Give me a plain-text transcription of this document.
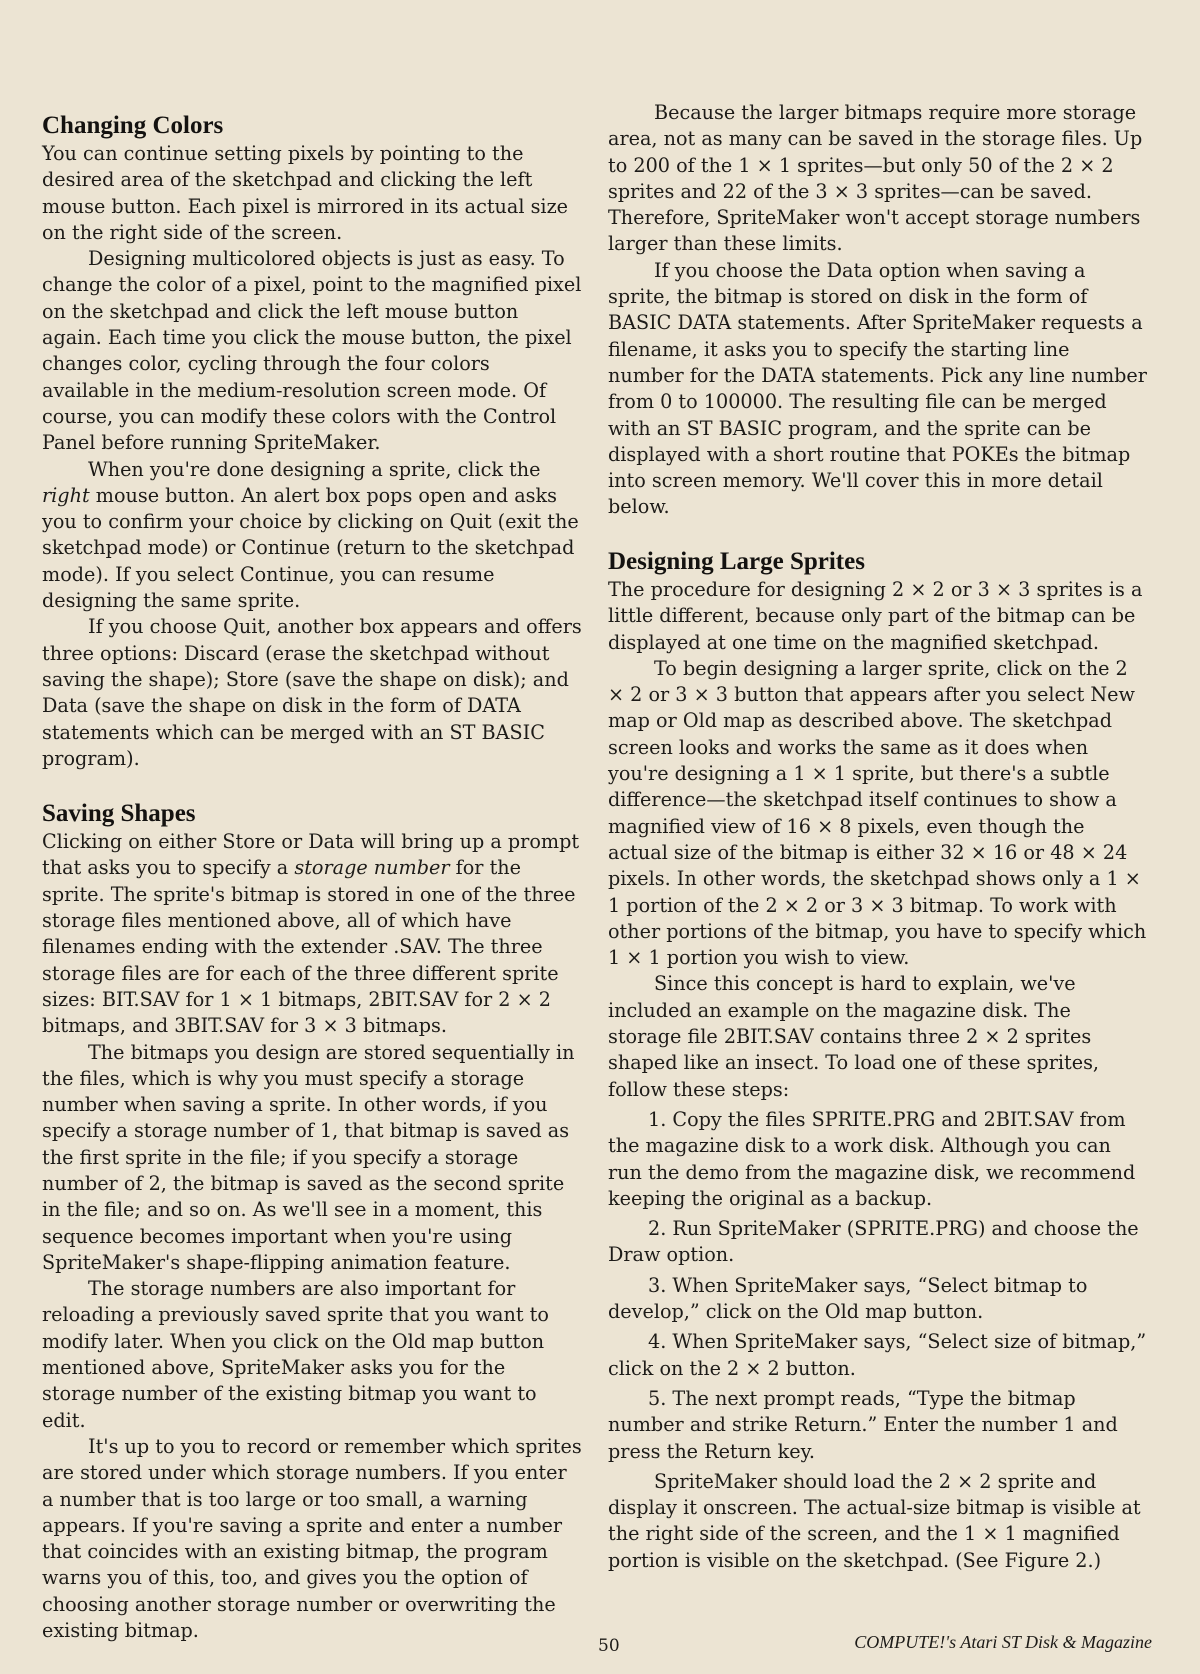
Changing Colors

You can continue setting pixels by pointing to the desired area of the sketchpad and clicking the left mouse button. Each pixel is mirrored in its actual size on the right side of the screen.

Designing multicolored objects is just as easy. To change the color of a pixel, point to the magnified pixel on the sketchpad and click the left mouse button again. Each time you click the mouse button, the pixel changes color, cycling through the four colors available in the medium-resolution screen mode. Of course, you can modify these colors with the Control Panel before running SpriteMaker.

When you're done designing a sprite, click the right mouse button. An alert box pops open and asks you to confirm your choice by clicking on Quit (exit the sketchpad mode) or Continue (return to the sketchpad mode). If you select Continue, you can resume designing the same sprite.

If you choose Quit, another box appears and offers three options: Discard (erase the sketchpad without saving the shape); Store (save the shape on disk); and Data (save the shape on disk in the form of DATA statements which can be merged with an ST BASIC program).

Saving Shapes

Clicking on either Store or Data will bring up a prompt that asks you to specify a storage number for the sprite. The sprite's bitmap is stored in one of the three storage files mentioned above, all of which have filenames ending with the extender .SAV. The three storage files are for each of the three different sprite sizes: BIT.SAV for 1 × 1 bitmaps, 2BIT.SAV for 2 × 2 bitmaps, and 3BIT.SAV for 3 × 3 bitmaps.

The bitmaps you design are stored sequentially in the files, which is why you must specify a storage number when saving a sprite. In other words, if you specify a storage number of 1, that bitmap is saved as the first sprite in the file; if you specify a storage number of 2, the bitmap is saved as the second sprite in the file; and so on. As we'll see in a moment, this sequence becomes important when you're using SpriteMaker's shape-flipping animation feature.

The storage numbers are also important for reloading a previously saved sprite that you want to modify later. When you click on the Old map button mentioned above, SpriteMaker asks you for the storage number of the existing bitmap you want to edit.

It's up to you to record or remember which sprites are stored under which storage numbers. If you enter a number that is too large or too small, a warning appears. If you're saving a sprite and enter a number that coincides with an existing bitmap, the program warns you of this, too, and gives you the option of choosing another storage number or overwriting the existing bitmap.

Because the larger bitmaps require more storage area, not as many can be saved in the storage files. Up to 200 of the 1 × 1 sprites—but only 50 of the 2 × 2 sprites and 22 of the 3 × 3 sprites—can be saved. Therefore, SpriteMaker won't accept storage numbers larger than these limits.

If you choose the Data option when saving a sprite, the bitmap is stored on disk in the form of BASIC DATA statements. After SpriteMaker requests a filename, it asks you to specify the starting line number for the DATA statements. Pick any line number from 0 to 100000. The resulting file can be merged with an ST BASIC program, and the sprite can be displayed with a short routine that POKEs the bitmap into screen memory. We'll cover this in more detail below.

Designing Large Sprites

The procedure for designing 2 × 2 or 3 × 3 sprites is a little different, because only part of the bitmap can be displayed at one time on the magnified sketchpad.

To begin designing a larger sprite, click on the 2 × 2 or 3 × 3 button that appears after you select New map or Old map as described above. The sketchpad screen looks and works the same as it does when you're designing a 1 × 1 sprite, but there's a subtle difference—the sketchpad itself continues to show a magnified view of 16 × 8 pixels, even though the actual size of the bitmap is either 32 × 16 or 48 × 24 pixels. In other words, the sketchpad shows only a 1 × 1 portion of the 2 × 2 or 3 × 3 bitmap. To work with other portions of the bitmap, you have to specify which 1 × 1 portion you wish to view.

Since this concept is hard to explain, we've included an example on the magazine disk. The storage file 2BIT.SAV contains three 2 × 2 sprites shaped like an insect. To load one of these sprites, follow these steps:

1. Copy the files SPRITE.PRG and 2BIT.SAV from the magazine disk to a work disk. Although you can run the demo from the magazine disk, we recommend keeping the original as a backup.

2. Run SpriteMaker (SPRITE.PRG) and choose the Draw option.

3. When SpriteMaker says, “Select bitmap to develop,” click on the Old map button.

4. When SpriteMaker says, “Select size of bitmap,” click on the 2 × 2 button.

5. The next prompt reads, “Type the bitmap number and strike Return.” Enter the number 1 and press the Return key.

SpriteMaker should load the 2 × 2 sprite and display it onscreen. The actual-size bitmap is visible at the right side of the screen, and the 1 × 1 magnified portion is visible on the sketchpad. (See Figure 2.)

50	COMPUTE!'s Atari ST Disk & Magazine
